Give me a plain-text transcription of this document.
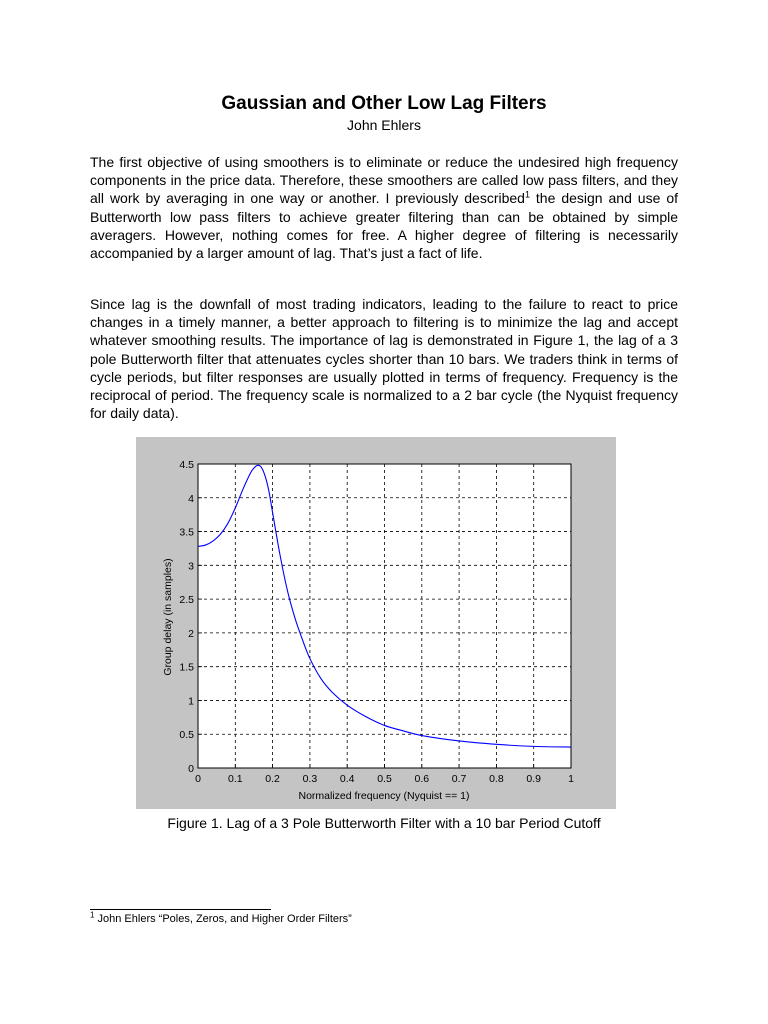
Gaussian and Other Low Lag Filters
John Ehlers

The first objective of using smoothers is to eliminate or reduce the undesired high frequency components in the price data. Therefore, these smoothers are called low pass filters, and they all work by averaging in one way or another. I previously described$^1$ the design and use of Butterworth low pass filters to achieve greater filtering than can be obtained by simple averagers. However, nothing comes for free. A higher degree of filtering is necessarily accompanied by a larger amount of lag. That’s just a fact of life.

Since lag is the downfall of most trading indicators, leading to the failure to react to price changes in a timely manner, a better approach to filtering is to minimize the lag and accept whatever smoothing results. The importance of lag is demonstrated in Figure 1, the lag of a 3 pole Butterworth filter that attenuates cycles shorter than 10 bars. We traders think in terms of cycle periods, but filter responses are usually plotted in terms of frequency. Frequency is the reciprocal of period. The frequency scale is normalized to a 2 bar cycle (the Nyquist frequency for daily data).

0	0.1 0.2 0.3 0.4 0.5 0.6 0.7 0.8 0.9	1
0
0.5
1
1.5
2
2.5
3
3.5
4
4.5
Normalized frequency (Nyquist == 1)
Group delay (in samples)
Figure 1. Lag of a 3 Pole Butterworth Filter with a 10 bar Period Cutoff
$^1$ John Ehlers “Poles, Zeros, and Higher Order Filters”
